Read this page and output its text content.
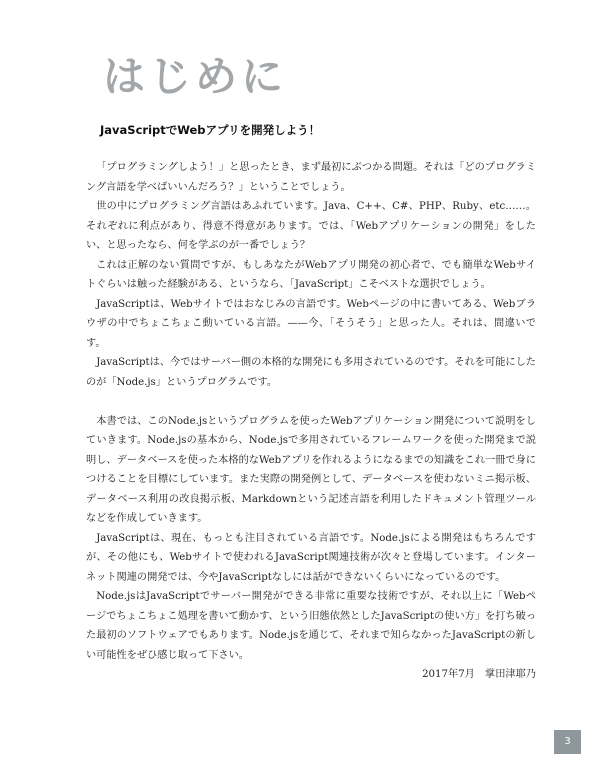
はじめに
JavaScriptでWebアプリを開発しよう！

「プログラミングしよう！」と思ったとき、まず最初にぶつかる問題。それは「どのプログラミング言語を学べばいいんだろう？」ということでしょう。

世の中にプログラミング言語はあふれています。Java、C++、C#、PHP、Ruby、etc……。それぞれに利点があり、得意不得意があります。では、「Webアプリケーションの開発」をしたい、と思ったなら、何を学ぶのが一番でしょう？

これは正解のない質問ですが、もしあなたがWebアプリ開発の初心者で、でも簡単なWebサイトぐらいは触った経験がある、というなら、「JavaScript」こそベストな選択でしょう。

JavaScriptは、Webサイトではおなじみの言語です。Webページの中に書いてある、Webブラウザの中でちょこちょこ動いている言語。——今、「そうそう」と思った人。それは、間違いです。

JavaScriptは、今ではサーバー側の本格的な開発にも多用されているのです。それを可能にしたのが「Node.js」というプログラムです。

本書では、このNode.jsというプログラムを使ったWebアプリケーション開発について説明をしていきます。Node.jsの基本から、Node.jsで多用されているフレームワークを使った開発まで説明し、データベースを使った本格的なWebアプリを作れるようになるまでの知識をこれ一冊で身につけることを目標にしています。また実際の開発例として、データベースを使わないミニ掲示板、データベース利用の改良掲示板、Markdownという記述言語を利用したドキュメント管理ツールなどを作成していきます。

JavaScriptは、現在、もっとも注目されている言語です。Node.jsによる開発はもちろんですが、その他にも、Webサイトで使われるJavaScript関連技術が次々と登場しています。インターネット関連の開発では、今やJavaScriptなしには話ができないくらいになっているのです。

Node.jsはJavaScriptでサーバー開発ができる非常に重要な技術ですが、それ以上に「Webページでちょこちょこ処理を書いて動かす、という旧態依然としたJavaScriptの使い方」を打ち破った最初のソフトウェアでもあります。Node.jsを通じて、それまで知らなかったJavaScriptの新しい可能性をぜひ感じ取って下さい。

2017年7月　掌田津耶乃

3
